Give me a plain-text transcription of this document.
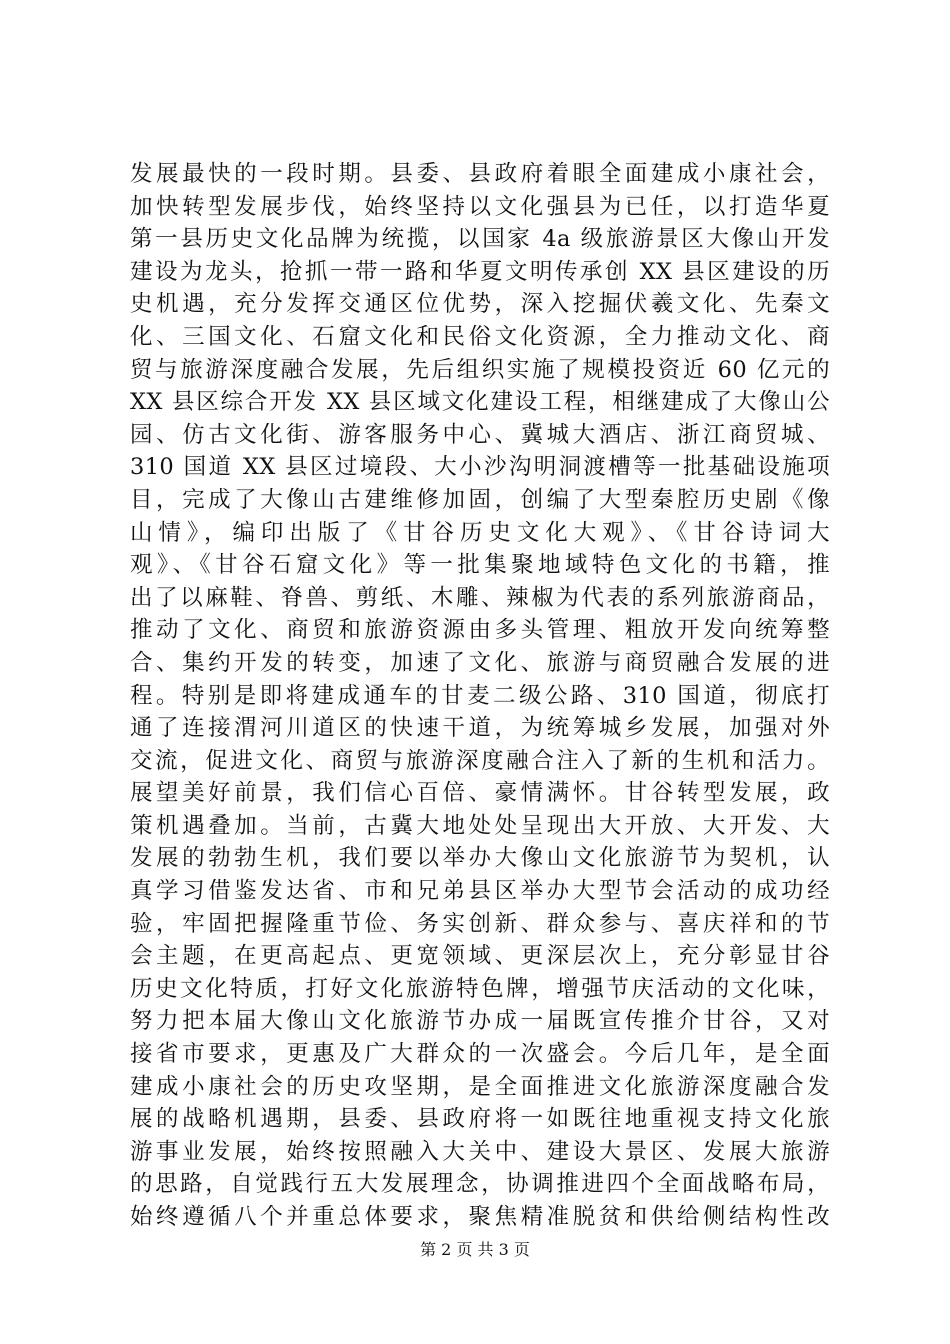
发展最快的一段时期。县委、县政府着眼全面建成小康社会，
加快转型发展步伐，始终坚持以文化强县为已任，以打造华夏
第一县历史文化品牌为统揽，以国家 4a 级旅游景区大像山开发
建设为龙头，抢抓一带一路和华夏文明传承创 XX 县区建设的历
史机遇，充分发挥交通区位优势，深入挖掘伏羲文化、先秦文
化、三国文化、石窟文化和民俗文化资源，全力推动文化、商
贸与旅游深度融合发展，先后组织实施了规模投资近 60 亿元的
XX 县区综合开发 XX 县区域文化建设工程，相继建成了大像山公
园、仿古文化街、游客服务中心、冀城大酒店、浙江商贸城、
310 国道 XX 县区过境段、大小沙沟明洞渡槽等一批基础设施项
目，完成了大像山古建维修加固，创编了大型秦腔历史剧《像
山情》，编印出版了《甘谷历史文化大观》、《甘谷诗词大
观》、《甘谷石窟文化》等一批集聚地域特色文化的书籍，推
出了以麻鞋、脊兽、剪纸、木雕、辣椒为代表的系列旅游商品，
推动了文化、商贸和旅游资源由多头管理、粗放开发向统筹整
合、集约开发的转变，加速了文化、旅游与商贸融合发展的进
程。特别是即将建成通车的甘麦二级公路、310 国道，彻底打
通了连接渭河川道区的快速干道，为统筹城乡发展，加强对外
交流，促进文化、商贸与旅游深度融合注入了新的生机和活力。
展望美好前景，我们信心百倍、豪情满怀。甘谷转型发展，政
策机遇叠加。当前，古冀大地处处呈现出大开放、大开发、大
发展的勃勃生机，我们要以举办大像山文化旅游节为契机，认
真学习借鉴发达省、市和兄弟县区举办大型节会活动的成功经
验，牢固把握隆重节俭、务实创新、群众参与、喜庆祥和的节
会主题，在更高起点、更宽领域、更深层次上，充分彰显甘谷
历史文化特质，打好文化旅游特色牌，增强节庆活动的文化味，
努力把本届大像山文化旅游节办成一届既宣传推介甘谷，又对
接省市要求，更惠及广大群众的一次盛会。今后几年，是全面
建成小康社会的历史攻坚期，是全面推进文化旅游深度融合发
展的战略机遇期，县委、县政府将一如既往地重视支持文化旅
游事业发展，始终按照融入大关中、建设大景区、发展大旅游
的思路，自觉践行五大发展理念，协调推进四个全面战略布局，
始终遵循八个并重总体要求，聚焦精准脱贫和供给侧结构性改
第 2 页 共 3 页
